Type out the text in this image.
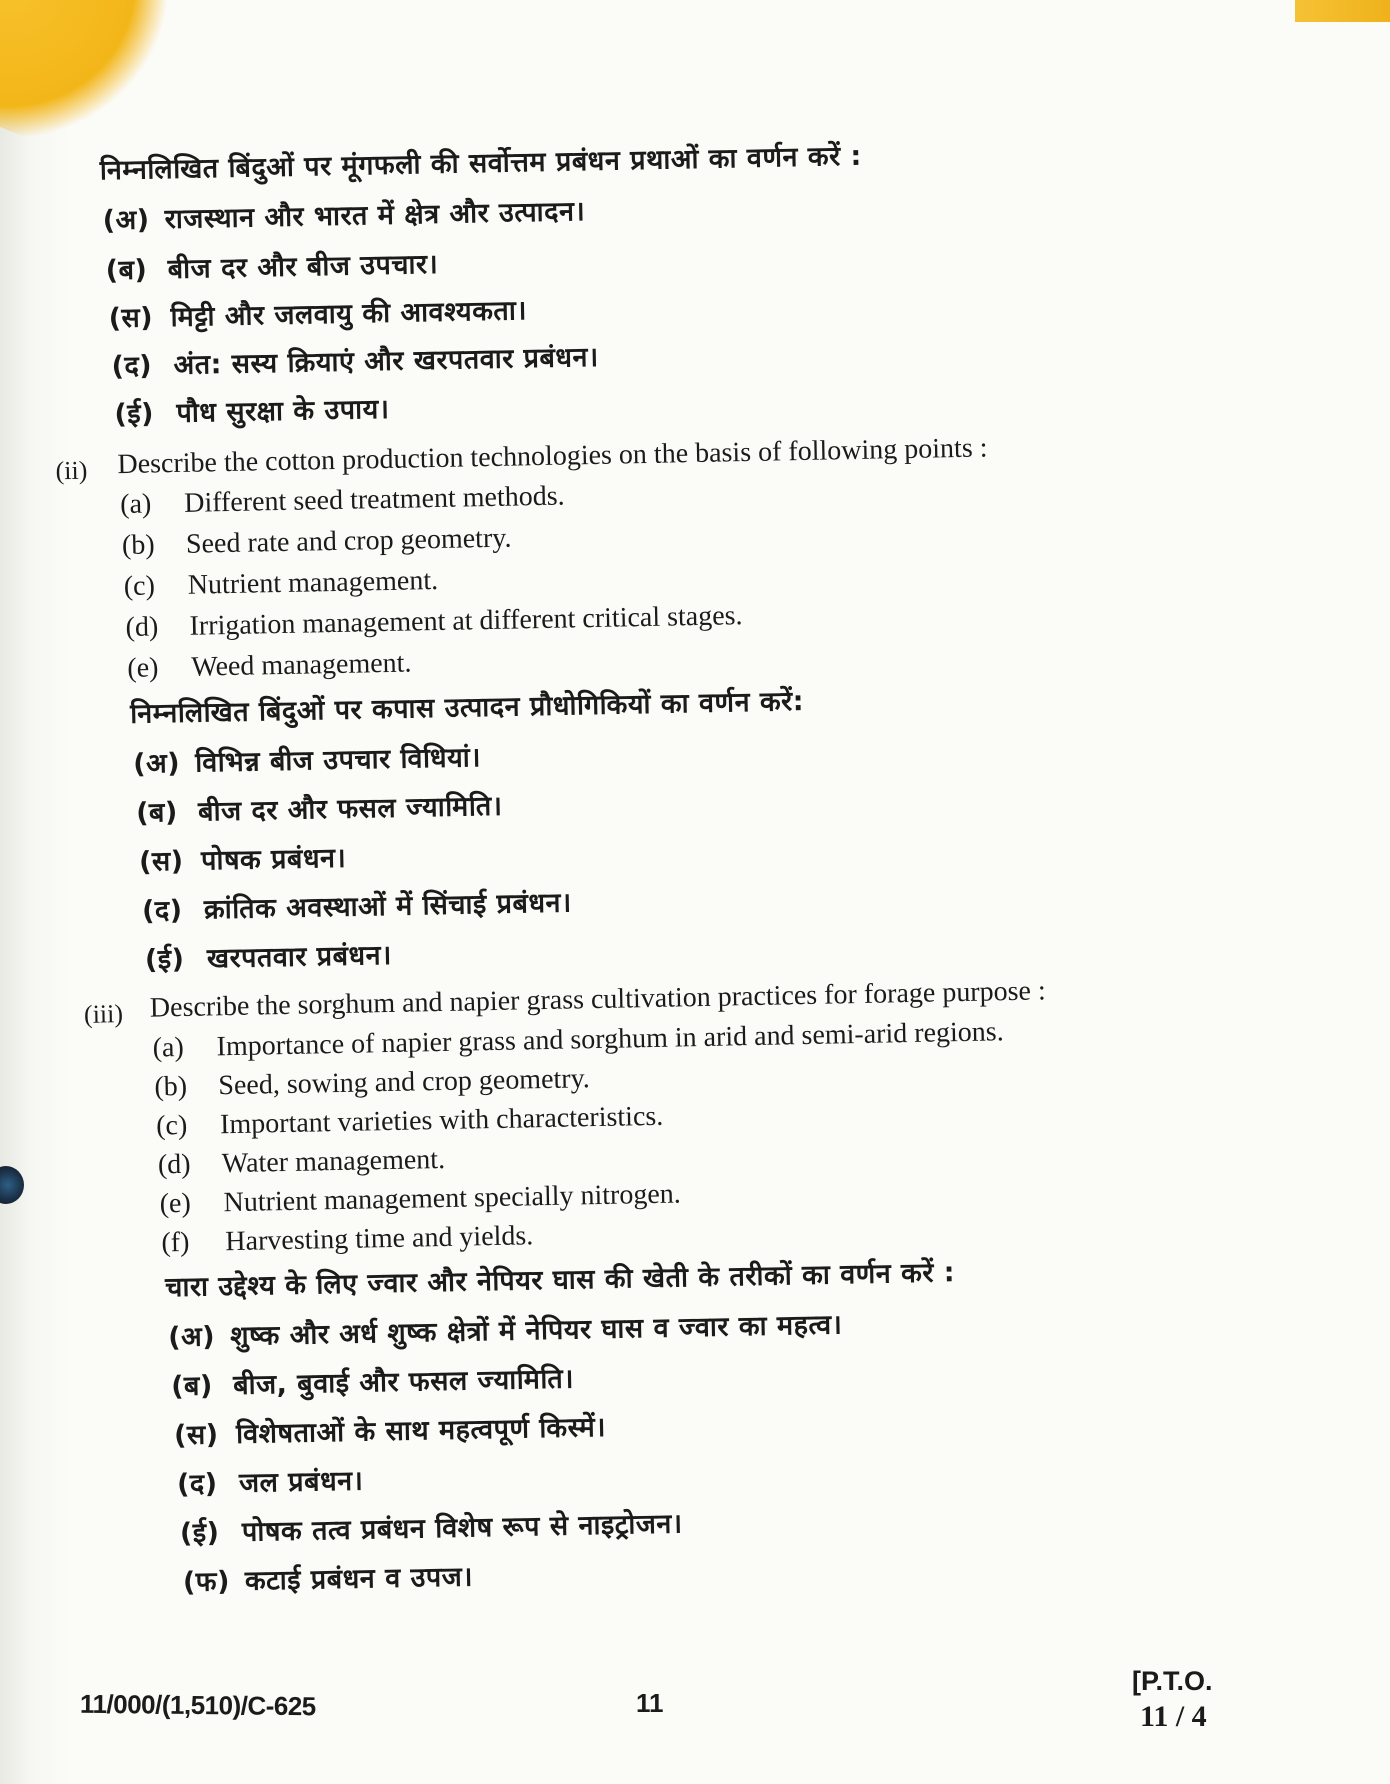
निम्नलिखित बिंदुओं पर मूंगफली की सर्वोत्तम प्रबंधन प्रथाओं का वर्णन करें :
(अ) राजस्थान और भारत में क्षेत्र और उत्पादन।
(ब) बीज दर और बीज उपचार।
(स) मिट्टी और जलवायु की आवश्यकता।
(द) अंत: सस्य क्रियाएं और खरपतवार प्रबंधन।
(ई) पौध सुरक्षा के उपाय।
(ii) Describe the cotton production technologies on the basis of following points :
(a) Different seed treatment methods.
(b) Seed rate and crop geometry.
(c) Nutrient management.
(d) Irrigation management at different critical stages.
(e) Weed management.
निम्नलिखित बिंदुओं पर कपास उत्पादन प्रौधोगिकियों का वर्णन करें:
(अ) विभिन्न बीज उपचार विधियां।
(ब) बीज दर और फसल ज्यामिति।
(स) पोषक प्रबंधन।
(द) क्रांतिक अवस्थाओं में सिंचाई प्रबंधन।
(ई) खरपतवार प्रबंधन।
(iii) Describe the sorghum and napier grass cultivation practices for forage purpose :
(a) Importance of napier grass and sorghum in arid and semi-arid regions.
(b) Seed, sowing and crop geometry.
(c) Important varieties with characteristics.
(d) Water management.
(e) Nutrient management specially nitrogen.
(f) Harvesting time and yields.
चारा उद्देश्य के लिए ज्वार और नेपियर घास की खेती के तरीकों का वर्णन करें :
(अ) शुष्क और अर्ध शुष्क क्षेत्रों में नेपियर घास व ज्वार का महत्व।
(ब) बीज, बुवाई और फसल ज्यामिति।
(स) विशेषताओं के साथ महत्वपूर्ण किस्में।
(द) जल प्रबंधन।
(ई) पोषक तत्व प्रबंधन विशेष रूप से नाइट्रोजन।
(फ) कटाई प्रबंधन व उपज।
11/000/(1,510)/C-625	11
[P.T.O.
11 / 4
